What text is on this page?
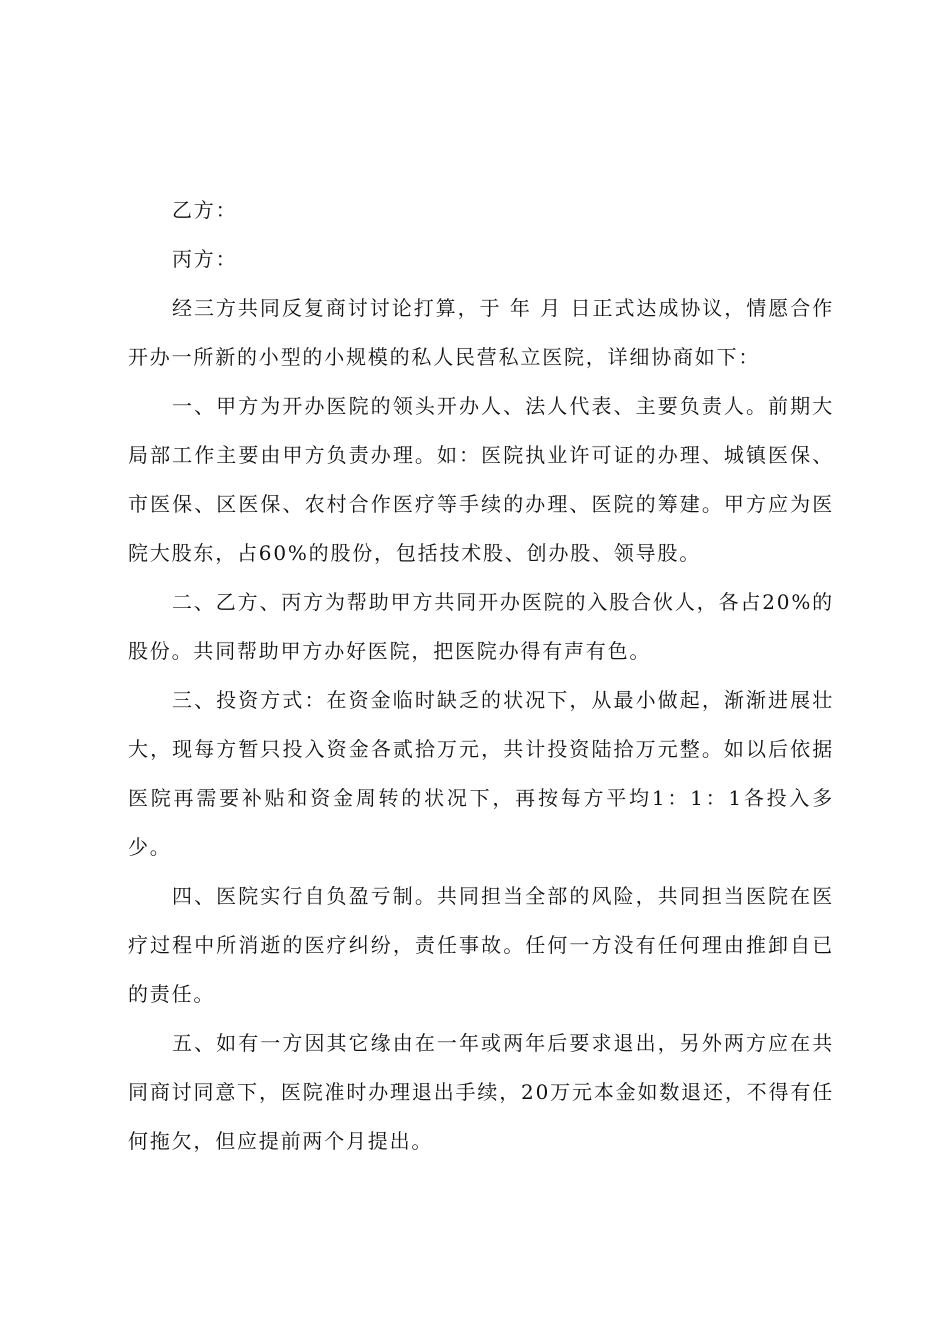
乙方：

丙方：

经三方共同反复商讨讨论打算，于 年 月 日正式达成协议，情愿合作开办一所新的小型的小规模的私人民营私立医院，详细协商如下：

一、甲方为开办医院的领头开办人、法人代表、主要负责人。前期大局部工作主要由甲方负责办理。如：医院执业许可证的办理、城镇医保、市医保、区医保、农村合作医疗等手续的办理、医院的筹建。甲方应为医院大股东，占60%的股份，包括技术股、创办股、领导股。

二、乙方、丙方为帮助甲方共同开办医院的入股合伙人，各占20%的股份。共同帮助甲方办好医院，把医院办得有声有色。

三、投资方式：在资金临时缺乏的状况下，从最小做起，渐渐进展壮大，现每方暂只投入资金各贰拾万元，共计投资陆拾万元整。如以后依据医院再需要补贴和资金周转的状况下，再按每方平均1：1：1各投入多少。

四、医院实行自负盈亏制。共同担当全部的风险，共同担当医院在医疗过程中所消逝的医疗纠纷，责任事故。任何一方没有任何理由推卸自已的责任。

五、如有一方因其它缘由在一年或两年后要求退出，另外两方应在共同商讨同意下，医院准时办理退出手续，20万元本金如数退还，不得有任何拖欠，但应提前两个月提出。
